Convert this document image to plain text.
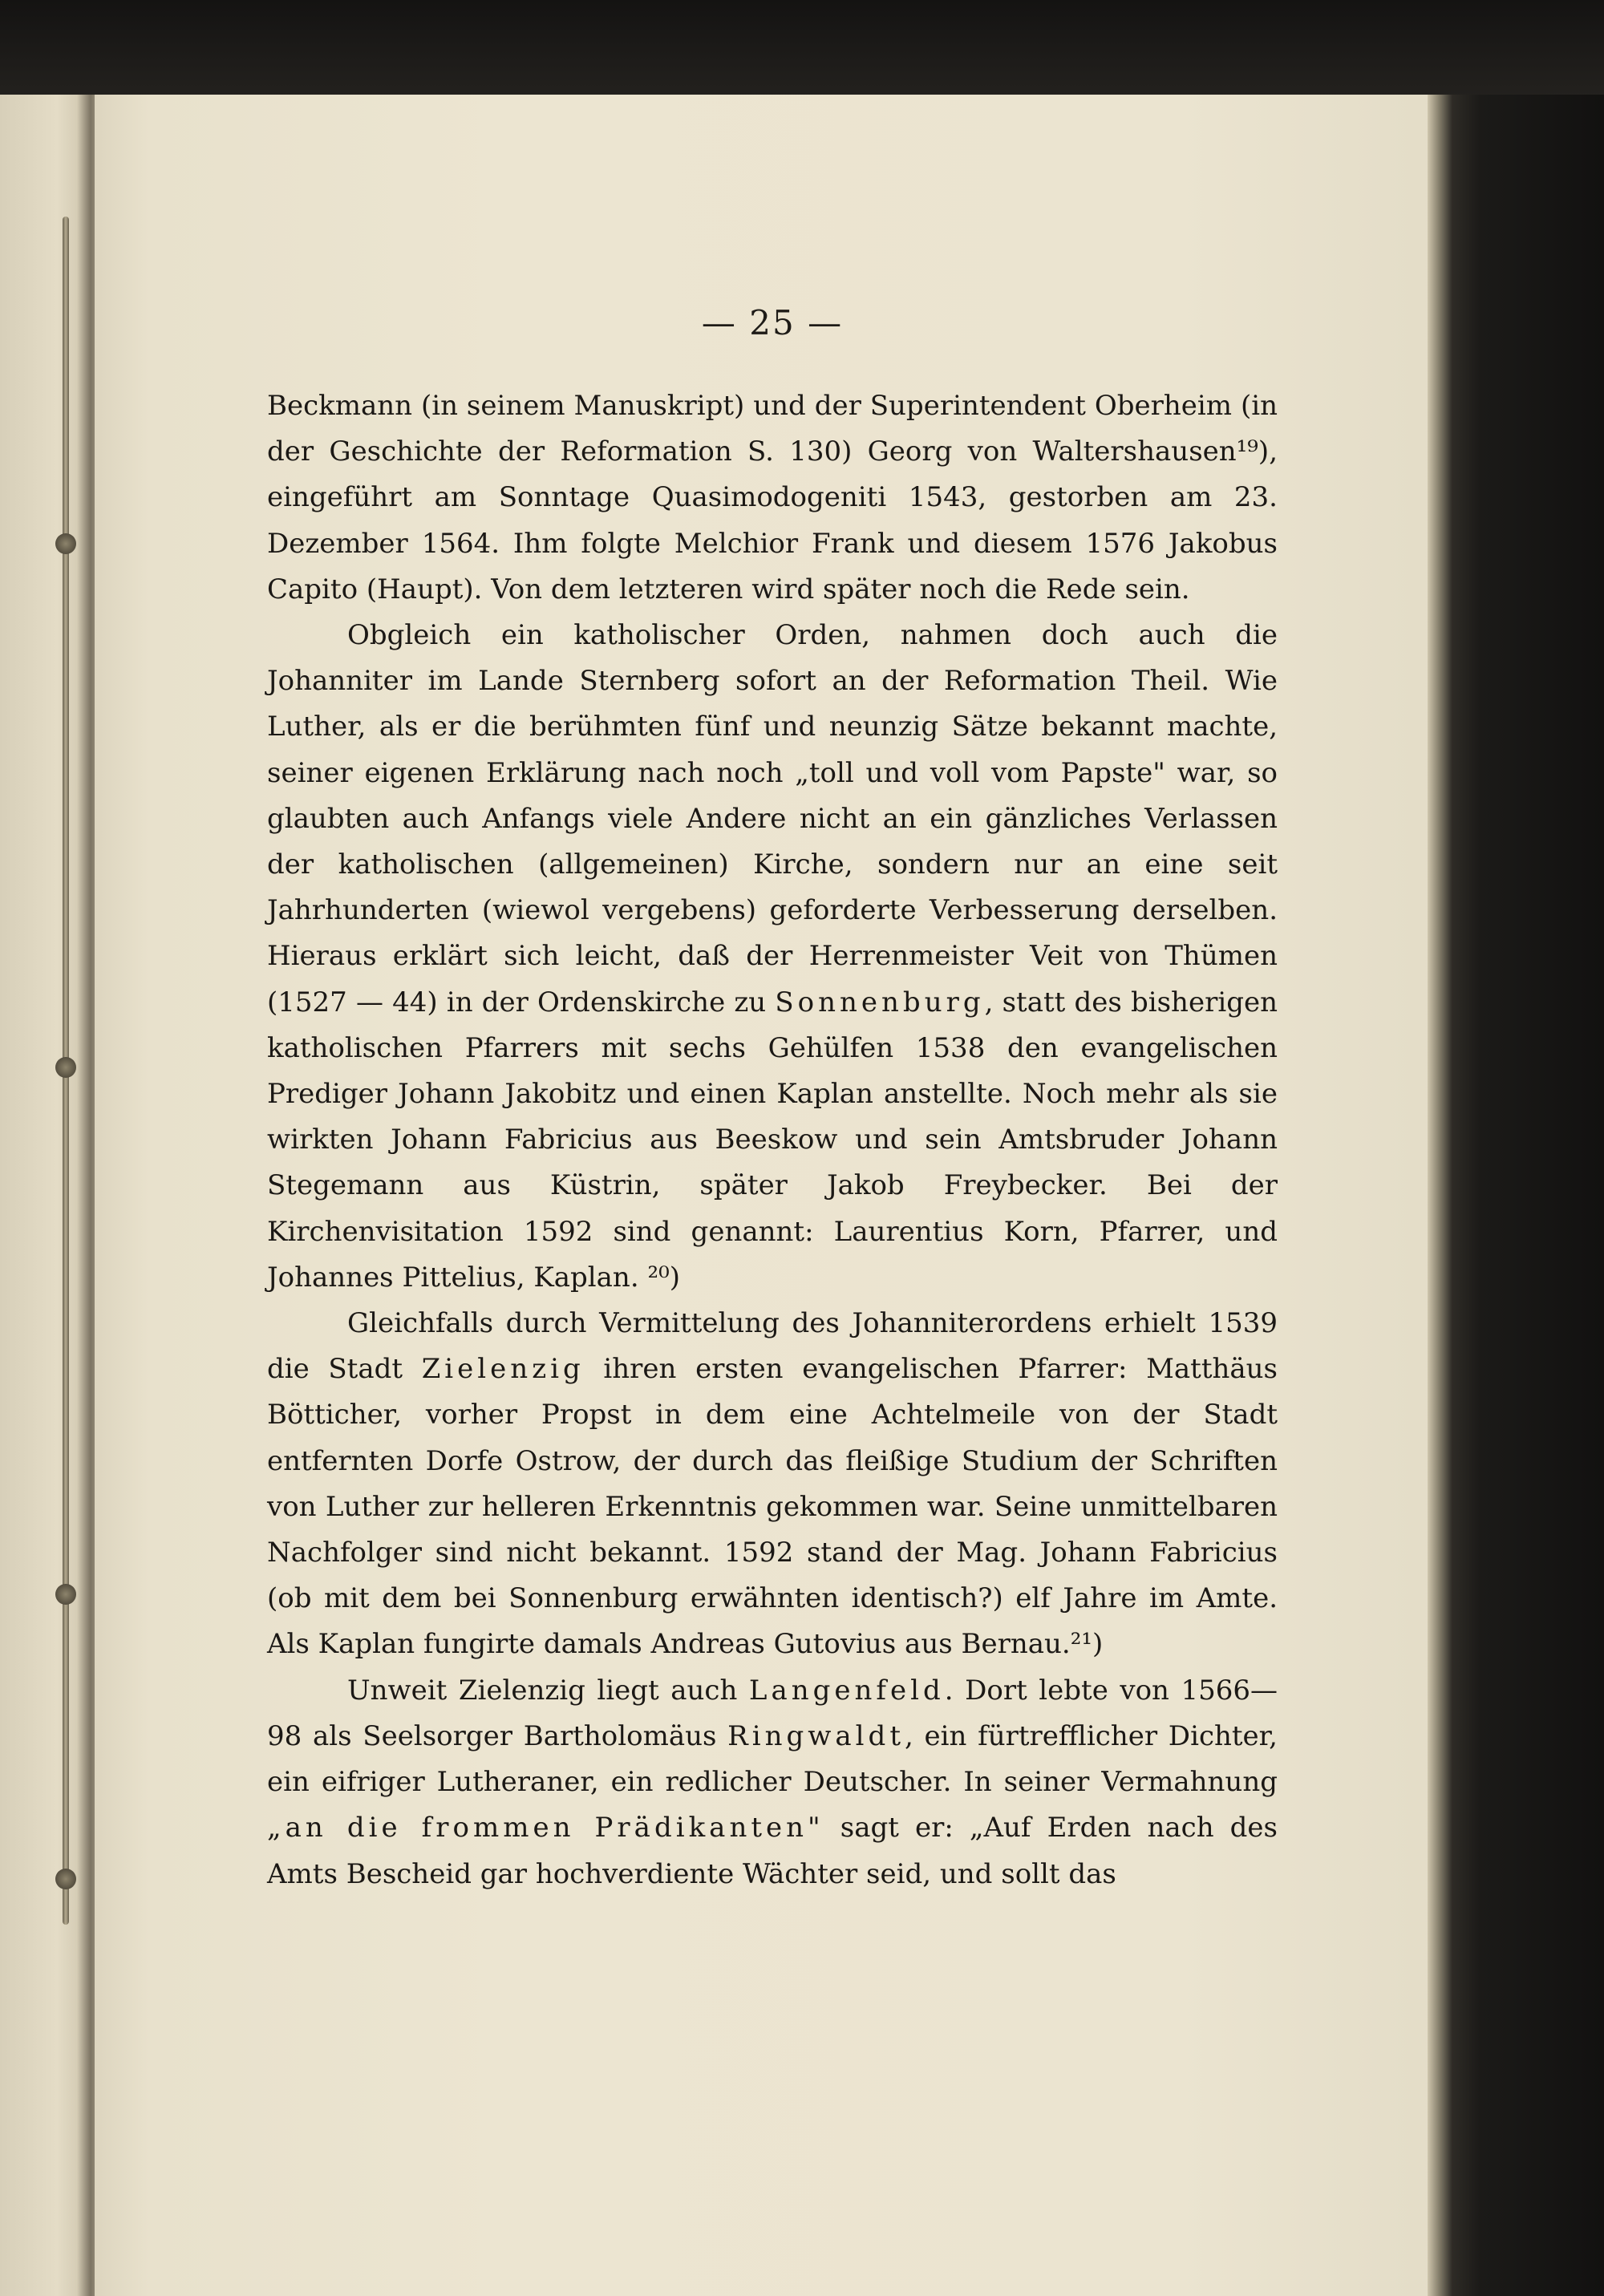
— 25 —

Beckmann (in seinem Manuskript) und der Superintendent Oberheim (in der Geschichte der Reformation S. 130) Georg von Waltershausen¹⁹), eingeführt am Sonntage Quasimodogeniti 1543, gestorben am 23. Dezember 1564. Ihm folgte Melchior Frank und diesem 1576 Jakobus Capito (Haupt). Von dem letzteren wird später noch die Rede sein.

Obgleich ein katholischer Orden, nahmen doch auch die Johanniter im Lande Sternberg sofort an der Reformation Theil. Wie Luther, als er die berühmten fünf und neunzig Sätze bekannt machte, seiner eigenen Erklärung nach noch „toll und voll vom Papste" war, so glaubten auch Anfangs viele Andere nicht an ein gänzliches Verlassen der katholischen (allgemeinen) Kirche, sondern nur an eine seit Jahrhunderten (wiewol vergebens) geforderte Verbesserung derselben. Hieraus erklärt sich leicht, daß der Herrenmeister Veit von Thümen (1527 — 44) in der Ordenskirche zu Sonnenburg, statt des bisherigen katholischen Pfarrers mit sechs Gehülfen 1538 den evangelischen Prediger Johann Jakobitz und einen Kaplan anstellte. Noch mehr als sie wirkten Johann Fabricius aus Beeskow und sein Amtsbruder Johann Stegemann aus Küstrin, später Jakob Freybecker. Bei der Kirchenvisitation 1592 sind genannt: Laurentius Korn, Pfarrer, und Johannes Pittelius, Kaplan. ²⁰)

Gleichfalls durch Vermittelung des Johanniterordens erhielt 1539 die Stadt Zielenzig ihren ersten evangelischen Pfarrer: Matthäus Bötticher, vorher Propst in dem eine Achtelmeile von der Stadt entfernten Dorfe Ostrow, der durch das fleißige Studium der Schriften von Luther zur helleren Erkenntnis gekommen war. Seine unmittelbaren Nachfolger sind nicht bekannt. 1592 stand der Mag. Johann Fabricius (ob mit dem bei Sonnenburg erwähnten identisch?) elf Jahre im Amte. Als Kaplan fungirte damals Andreas Gutovius aus Bernau.²¹)

Unweit Zielenzig liegt auch Langenfeld. Dort lebte von 1566—98 als Seelsorger Bartholomäus Ringwaldt, ein fürtrefflicher Dichter, ein eifriger Lutheraner, ein redlicher Deutscher. In seiner Vermahnung „an die frommen Prädikanten" sagt er: „Auf Erden nach des Amts Bescheid gar hochverdiente Wächter seid, und sollt das
